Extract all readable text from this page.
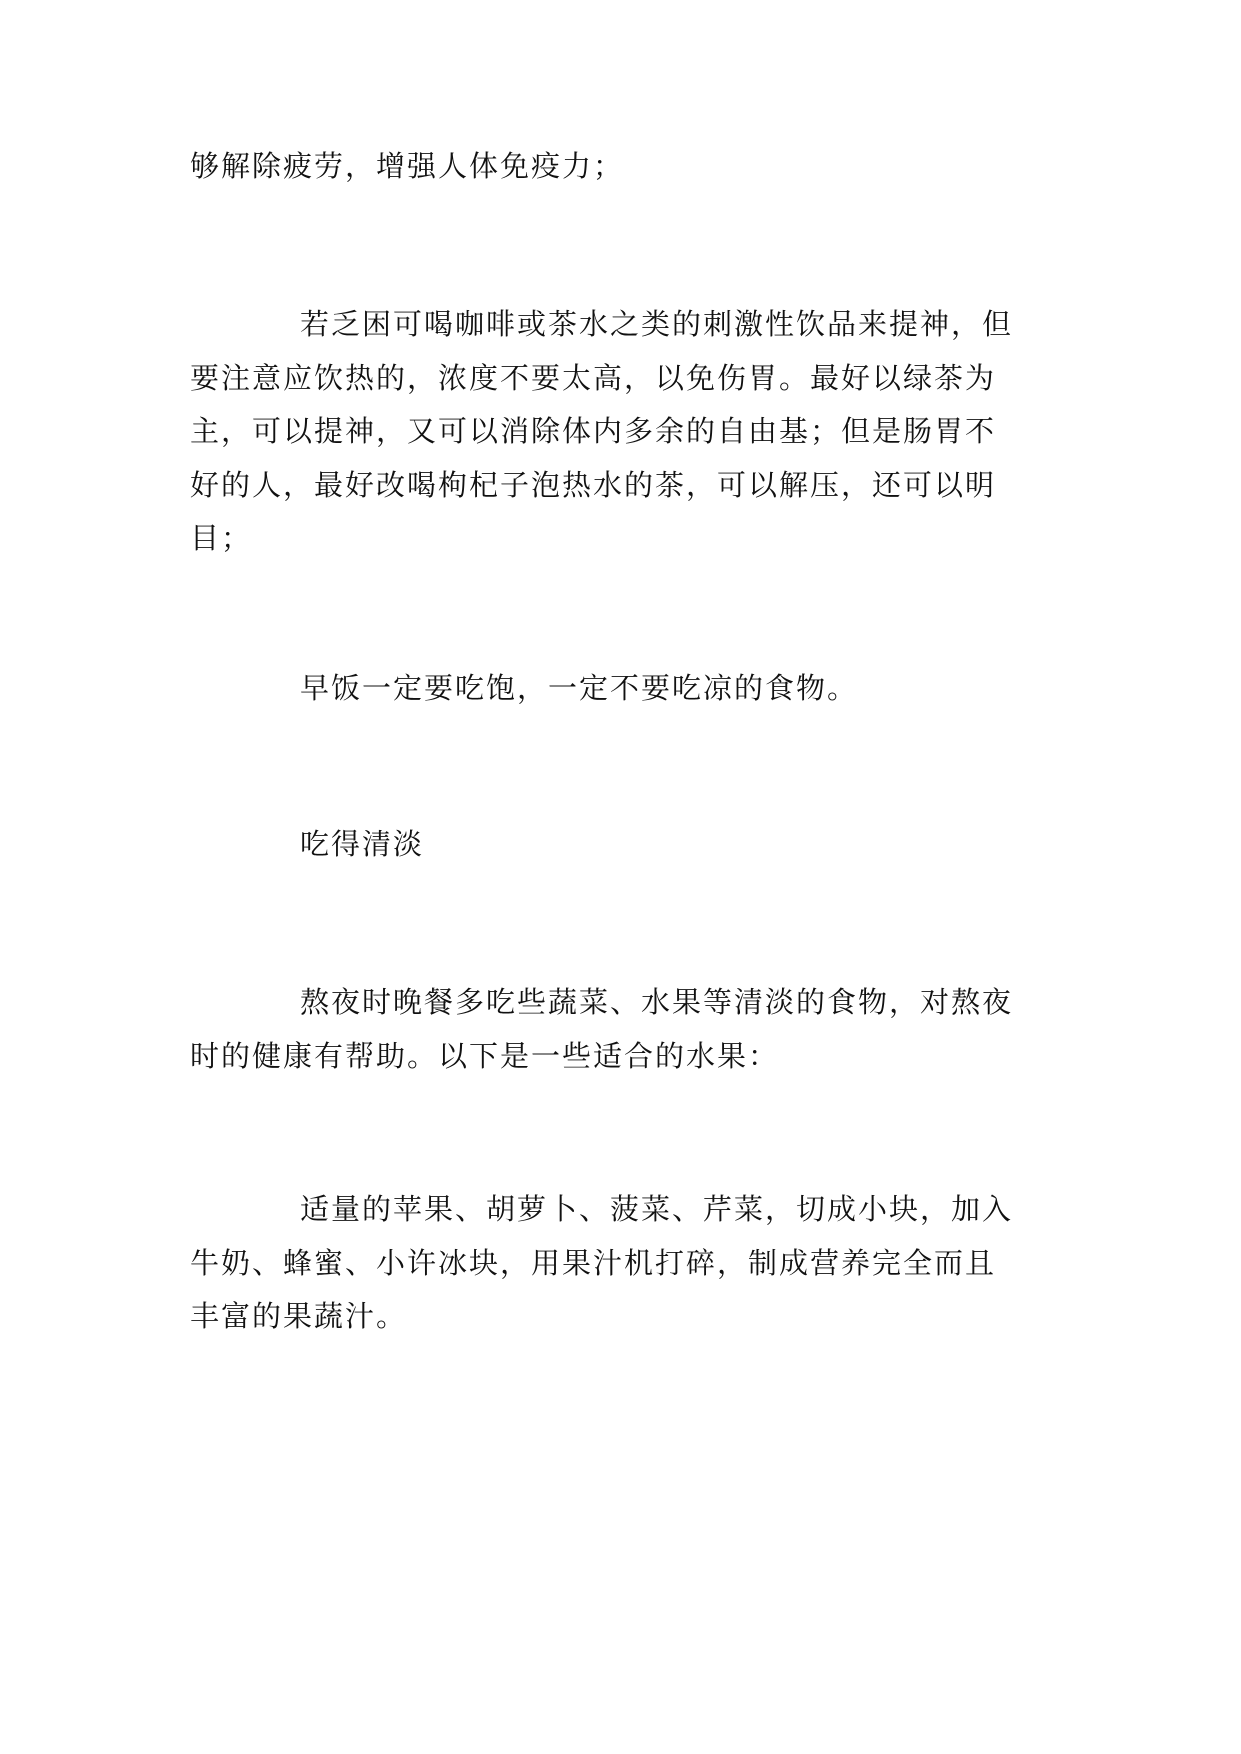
够解除疲劳，增强人体免疫力；

若乏困可喝咖啡或茶水之类的刺激性饮品来提神，但
要注意应饮热的，浓度不要太高，以免伤胃。最好以绿茶为
主，可以提神，又可以消除体内多余的自由基；但是肠胃不
好的人，最好改喝枸杞子泡热水的茶，可以解压，还可以明
目；

早饭一定要吃饱，一定不要吃凉的食物。

吃得清淡

熬夜时晚餐多吃些蔬菜、水果等清淡的食物，对熬夜
时的健康有帮助。以下是一些适合的水果：

适量的苹果、胡萝卜、菠菜、芹菜，切成小块，加入
牛奶、蜂蜜、小许冰块，用果汁机打碎，制成营养完全而且
丰富的果蔬汁。
